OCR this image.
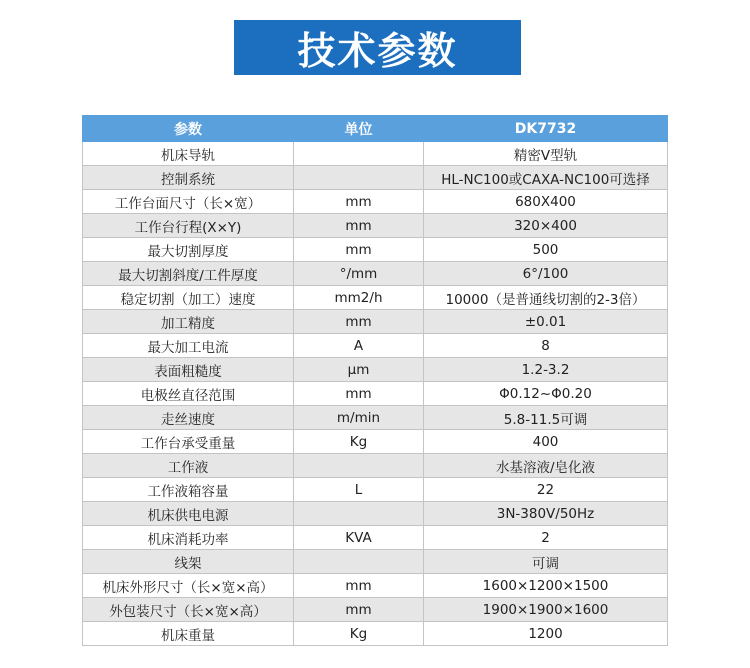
技术参数
参数	单位	DK7732
机床导轨		精密V型轨
控制系统		HL-NC100或CAXA-NC100可选择
工作台面尺寸（长×宽）	mm	680X400
工作台行程(X×Y)	mm	320×400
最大切割厚度	mm	500
最大切割斜度/工件厚度	°/mm	6°/100
稳定切割（加工）速度	mm2/h	10000（是普通线切割的2-3倍）
加工精度	mm	±0.01
最大加工电流	A	8
表面粗糙度	μm	1.2-3.2
电极丝直径范围	mm	Φ0.12~Φ0.20
走丝速度	m/min	5.8-11.5可调
工作台承受重量	Kg	400
工作液		水基溶液/皂化液
工作液箱容量	L	22
机床供电电源		3N-380V/50Hz
机床消耗功率	KVA	2
线架		可调
机床外形尺寸（长×宽×高）	mm	1600×1200×1500
外包装尺寸（长×宽×高）	mm	1900×1900×1600
机床重量	Kg	1200
